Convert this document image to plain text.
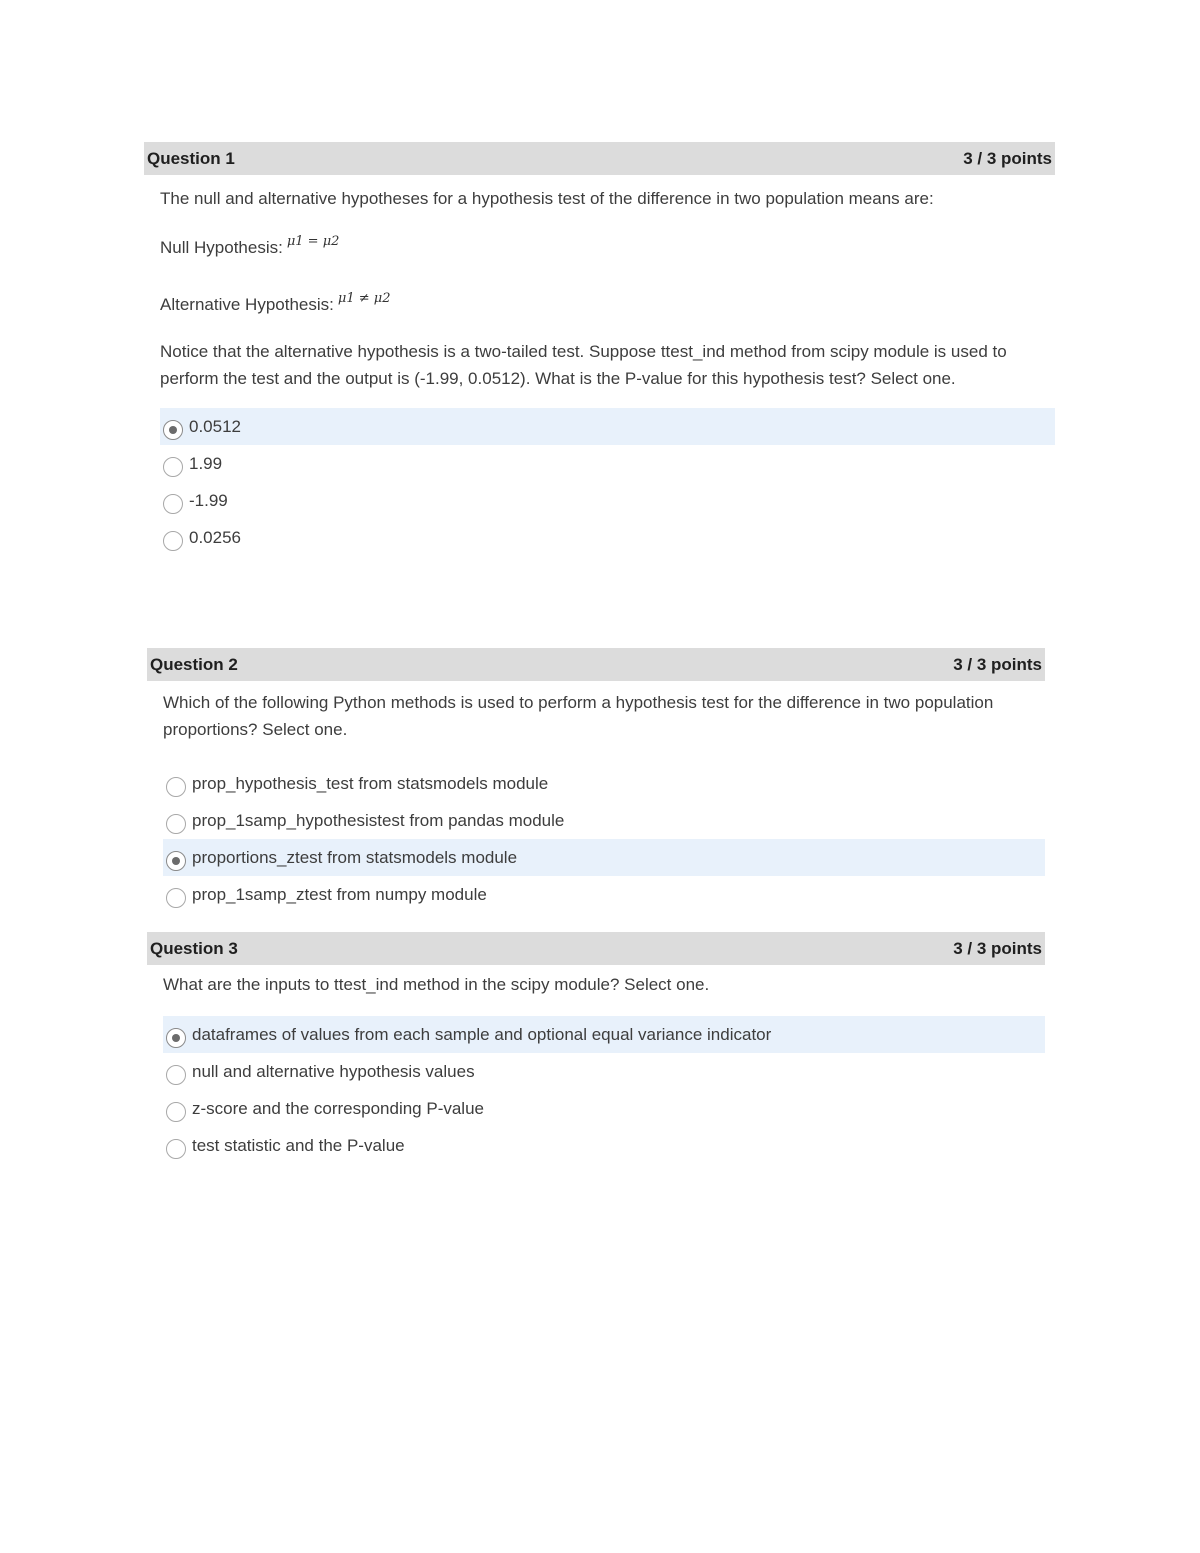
Question 1	3 / 3 points

The null and alternative hypotheses for a hypothesis test of the difference in two population means are:

Null Hypothesis: μ1 = μ2
Alternative Hypothesis: μ1 ≠ μ2

Notice that the alternative hypothesis is a two-tailed test. Suppose ttest_ind method from scipy module is used to perform the test and the output is (-1.99, 0.0512). What is the P-value for this hypothesis test? Select one.

0.0512
1.99
-1.99
0.0256
Question 2	3 / 3 points

Which of the following Python methods is used to perform a hypothesis test for the difference in two population proportions? Select one.

prop_hypothesis_test from statsmodels module
prop_1samp_hypothesistest from pandas module
proportions_ztest from statsmodels module
prop_1samp_ztest from numpy module
Question 3	3 / 3 points

What are the inputs to ttest_ind method in the scipy module? Select one.

dataframes of values from each sample and optional equal variance indicator
null and alternative hypothesis values
z-score and the corresponding P-value
test statistic and the P-value
